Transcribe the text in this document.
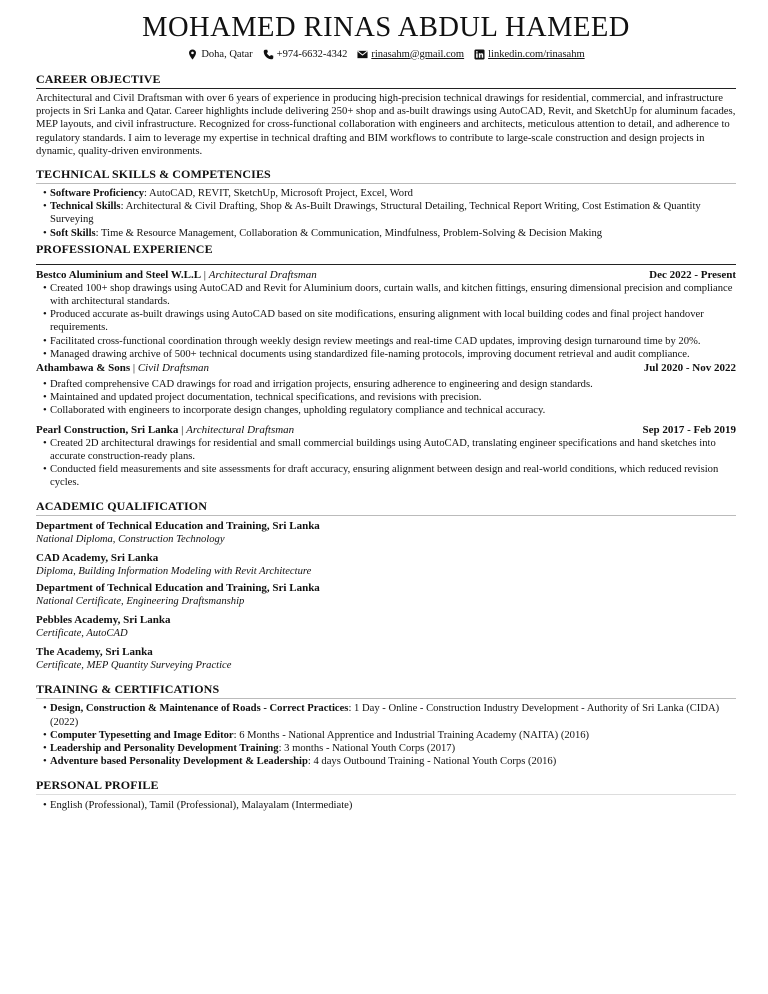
MOHAMED RINAS ABDUL HAMEED
Doha, Qatar +974-6632-4342 rinasahm@gmail.com linkedin.com/rinasahm
CAREER OBJECTIVE

Architectural and Civil Draftsman with over 6 years of experience in producing high-precision technical drawings for residential, commercial, and infrastructure projects in Sri Lanka and Qatar. Career highlights include delivering 250+ shop and as-built drawings using AutoCAD, Revit, and SketchUp for aluminum facades, MEP layouts, and civil infrastructure. Recognized for cross-functional collaboration with engineers and architects, meticulous attention to detail, and adherence to regulatory standards. I aim to leverage my expertise in technical drafting and BIM workflows to contribute to large-scale construction and design projects in dynamic, quality-driven environments.

TECHNICAL SKILLS & COMPETENCIES
• Software Proficiency: AutoCAD, REVIT, SketchUp, Microsoft Project, Excel, Word
• Technical Skills: Architectural & Civil Drafting, Shop & As-Built Drawings, Structural Detailing, Technical Report Writing, Cost Estimation & Quantity Surveying
• Soft Skills: Time & Resource Management, Collaboration & Communication, Mindfulness, Problem-Solving & Decision Making
PROFESSIONAL EXPERIENCE
Bestco Aluminium and Steel W.L.L | Architectural Draftsman	Dec 2022 - Present
• Created 100+ shop drawings using AutoCAD and Revit for Aluminium doors, curtain walls, and kitchen fittings, ensuring dimensional precision and compliance with architectural standards.
• Produced accurate as-built drawings using AutoCAD based on site modifications, ensuring alignment with local building codes and final project handover requirements.
• Facilitated cross-functional coordination through weekly design review meetings and real-time CAD updates, improving design turnaround time by 20%.
• Managed drawing archive of 500+ technical documents using standardized file-naming protocols, improving document retrieval and audit compliance.
Athambawa & Sons | Civil Draftsman	Jul 2020 - Nov 2022
• Drafted comprehensive CAD drawings for road and irrigation projects, ensuring adherence to engineering and design standards.
• Maintained and updated project documentation, technical specifications, and revisions with precision.
• Collaborated with engineers to incorporate design changes, upholding regulatory compliance and technical accuracy.
Pearl Construction, Sri Lanka | Architectural Draftsman	Sep 2017 - Feb 2019
• Created 2D architectural drawings for residential and small commercial buildings using AutoCAD, translating engineer specifications and hand sketches into accurate construction-ready plans.
• Conducted field measurements and site assessments for draft accuracy, ensuring alignment between design and real-world conditions, which reduced revision cycles.
ACADEMIC QUALIFICATION
Department of Technical Education and Training, Sri Lanka
National Diploma, Construction Technology
CAD Academy, Sri Lanka
Diploma, Building Information Modeling with Revit Architecture
Department of Technical Education and Training, Sri Lanka
National Certificate, Engineering Draftsmanship
Pebbles Academy, Sri Lanka
Certificate, AutoCAD
The Academy, Sri Lanka
Certificate, MEP Quantity Surveying Practice
TRAINING & CERTIFICATIONS
• Design, Construction & Maintenance of Roads - Correct Practices: 1 Day - Online - Construction Industry Development - Authority of Sri Lanka (CIDA) (2022)
• Computer Typesetting and Image Editor: 6 Months - National Apprentice and Industrial Training Academy (NAITA) (2016)
• Leadership and Personality Development Training: 3 months - National Youth Corps (2017)
• Adventure based Personality Development & Leadership: 4 days Outbound Training - National Youth Corps (2016)
PERSONAL PROFILE
• English (Professional), Tamil (Professional), Malayalam (Intermediate)
